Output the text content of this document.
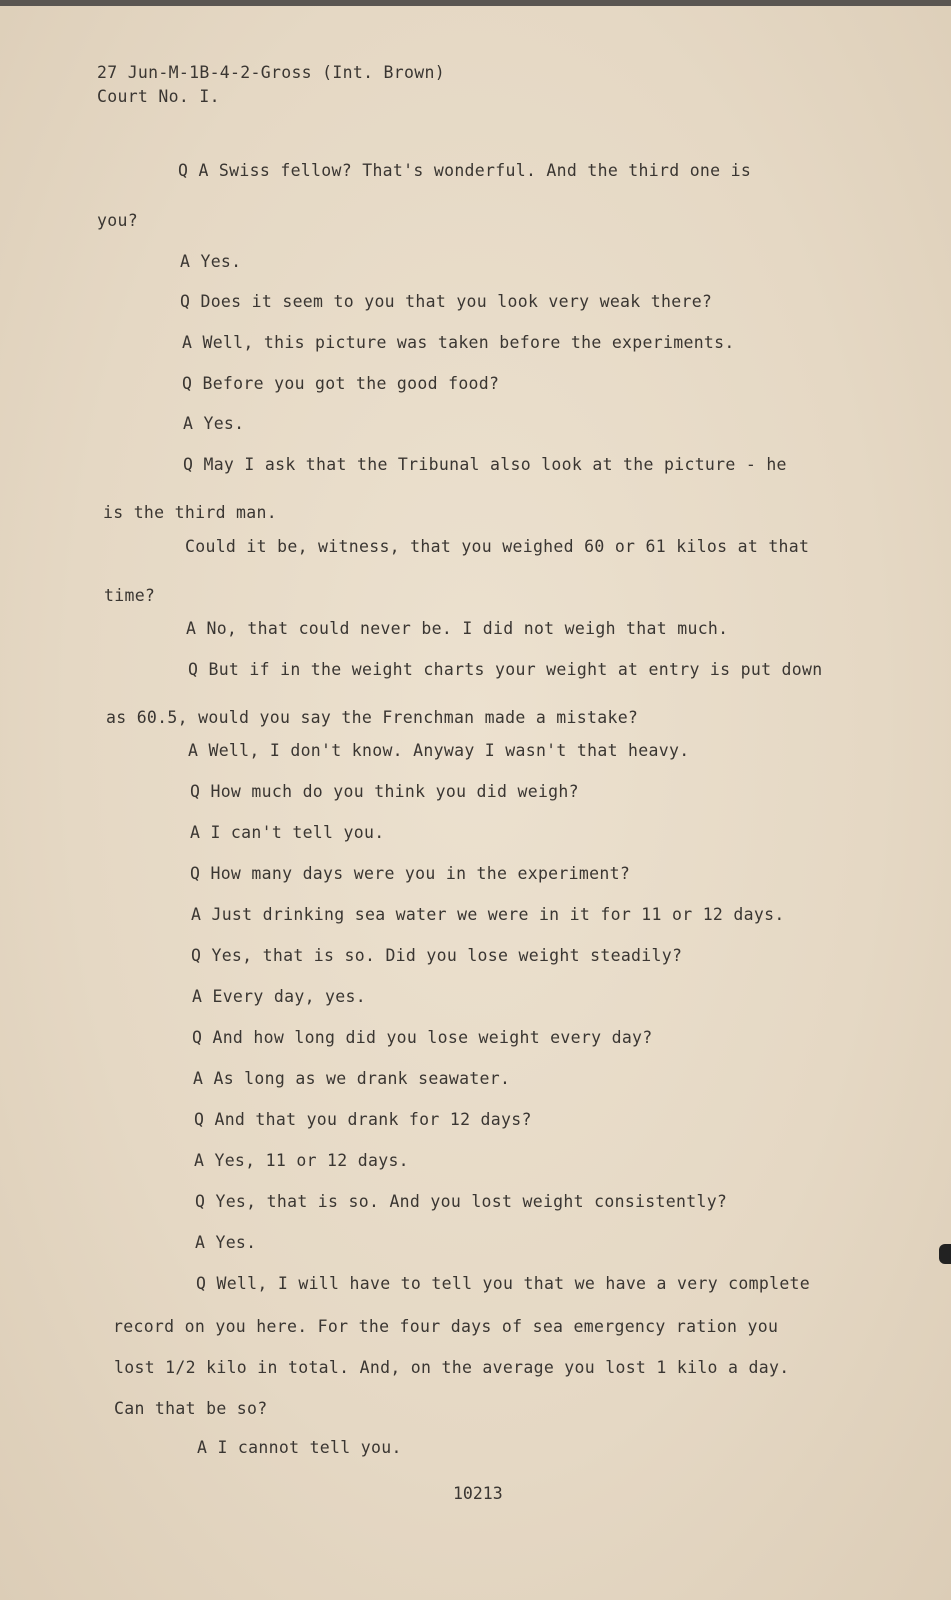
27 Jun-M-1B-4-2-Gross (Int. Brown)
Court No. I.
Q A Swiss fellow? That's wonderful. And the third one is
you?
A Yes.
Q Does it seem to you that you look very weak there?
A Well, this picture was taken before the experiments.
Q Before you got the good food?
A Yes.
Q May I ask that the Tribunal also look at the picture - he
is the third man.
Could it be, witness, that you weighed 60 or 61 kilos at that
time?
A No, that could never be. I did not weigh that much.
Q But if in the weight charts your weight at entry is put down
as 60.5, would you say the Frenchman made a mistake?
A Well, I don't know. Anyway I wasn't that heavy.
Q How much do you think you did weigh?
A I can't tell you.
Q How many days were you in the experiment?
A Just drinking sea water we were in it for 11 or 12 days.
Q Yes, that is so. Did you lose weight steadily?
A Every day, yes.
Q And how long did you lose weight every day?
A As long as we drank seawater.
Q And that you drank for 12 days?
A Yes, 11 or 12 days.
Q Yes, that is so. And you lost weight consistently?
A Yes.
Q Well, I will have to tell you that we have a very complete
record on you here. For the four days of sea emergency ration you
lost 1/2 kilo in total. And, on the average you lost 1 kilo a day.
Can that be so?
A I cannot tell you.
10213
